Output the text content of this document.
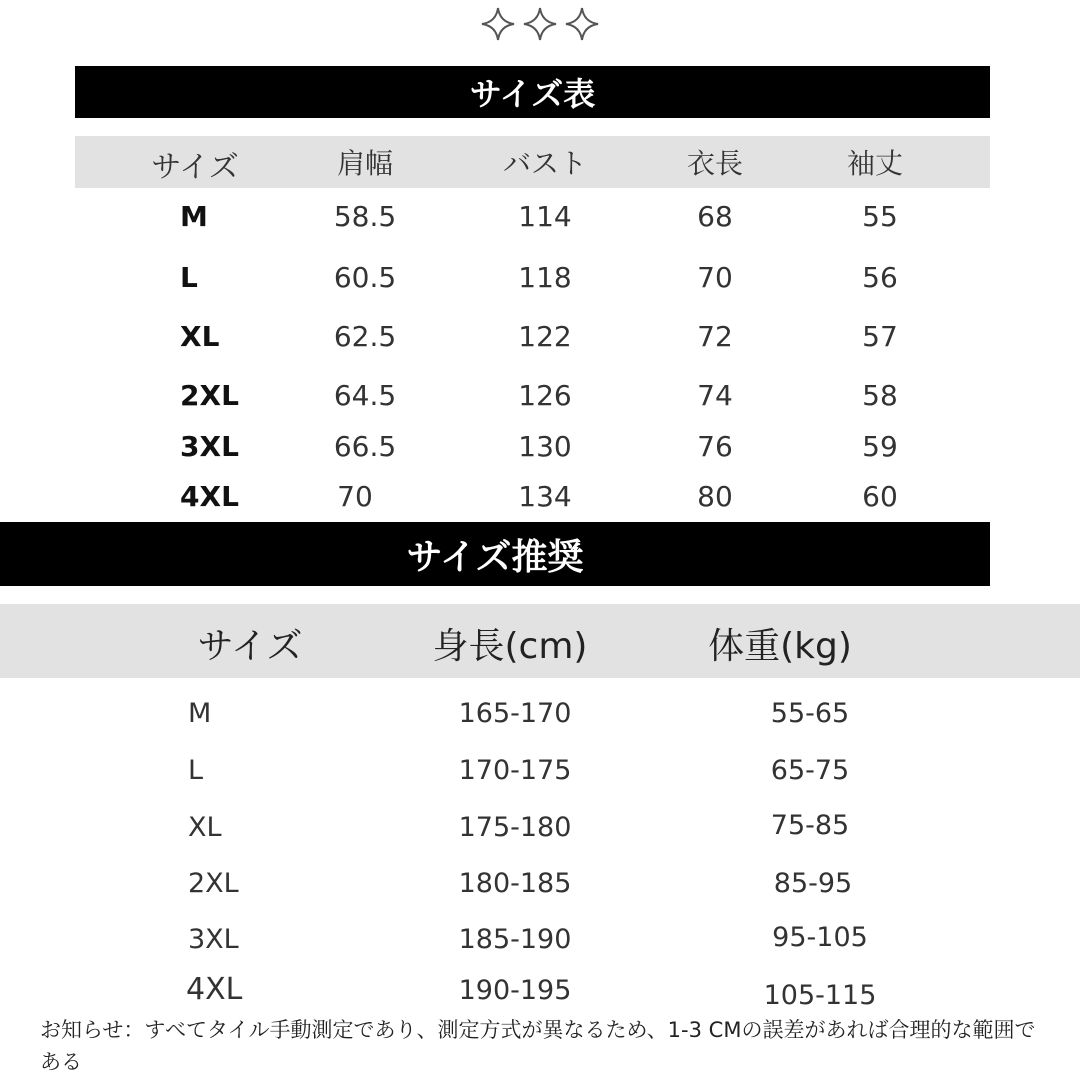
サイズ表
サイズ	肩幅	バスト	衣長	袖丈
M	58.5	114	68	55
L	60.5	118	70	56
XL	62.5	122	72	57
2XL	64.5	126	74	58
3XL	66.5	130	76	59
4XL	70	134	80	60
サイズ推奨
サイズ	身長(cm)	体重(kg)
M	165-170	55-65
L	170-175	65-75
XL	175-180	75-85
2XL	180-185	85-95
3XL	185-190	95-105
4XL	190-195	105-115
お知らせ：すべてタイル手動測定であり、測定方式が異なるため、1-3 CMの誤差があれば合理的な範囲である
